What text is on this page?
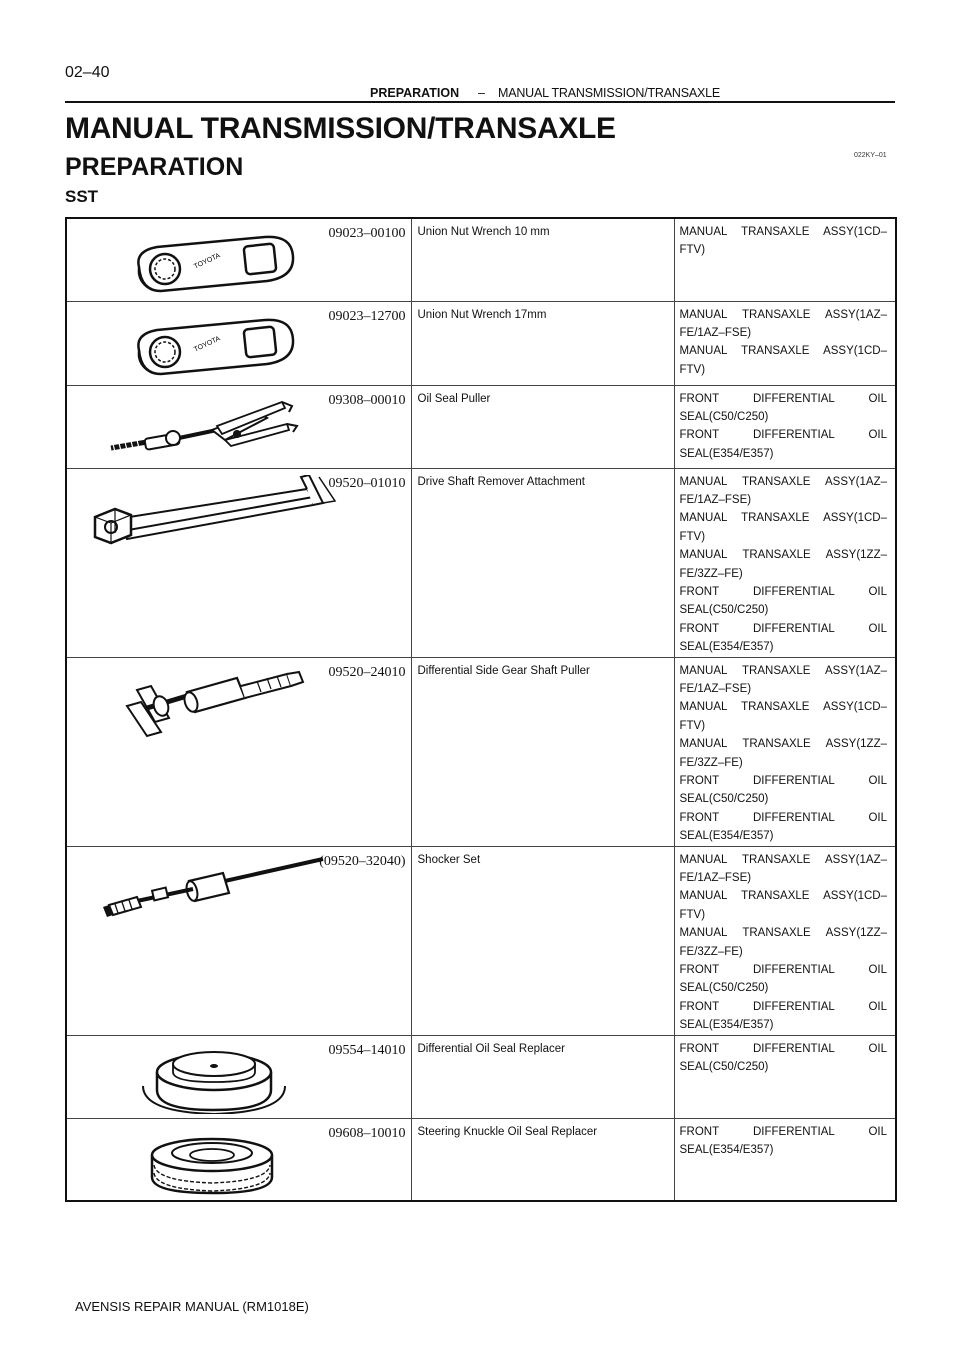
02–40
PREPARATION – MANUAL TRANSMISSION/TRANSAXLE
MANUAL TRANSMISSION/TRANSAXLE
PREPARATION	022KY–01
SST
TOYOTA
09023–00100	Union Nut Wrench 10 mm	MANUAL TRANSAXLE ASSY(1CD–FTV)

TOYOTA
09023–12700	Union Nut Wrench 17mm	MANUAL TRANSAXLE ASSY(1AZ–FE/1AZ–FSE)
MANUAL TRANSAXLE ASSY(1CD–FTV)

09308–00010	Oil Seal Puller	FRONT DIFFERENTIAL OIL SEAL(C50/C250)
FRONT DIFFERENTIAL OIL SEAL(E354/E357)

09520–01010	Drive Shaft Remover Attachment	MANUAL TRANSAXLE ASSY(1AZ–FE/1AZ–FSE)
MANUAL TRANSAXLE ASSY(1CD–FTV)
MANUAL TRANSAXLE ASSY(1ZZ–FE/3ZZ–FE)
FRONT DIFFERENTIAL OIL SEAL(C50/C250)
FRONT DIFFERENTIAL OIL SEAL(E354/E357)

09520–24010	Differential Side Gear Shaft Puller	MANUAL TRANSAXLE ASSY(1AZ–FE/1AZ–FSE)
MANUAL TRANSAXLE ASSY(1CD–FTV)
MANUAL TRANSAXLE ASSY(1ZZ–FE/3ZZ–FE)
FRONT DIFFERENTIAL OIL SEAL(C50/C250)
FRONT DIFFERENTIAL OIL SEAL(E354/E357)

(09520–32040)	Shocker Set	MANUAL TRANSAXLE ASSY(1AZ–FE/1AZ–FSE)
MANUAL TRANSAXLE ASSY(1CD–FTV)
MANUAL TRANSAXLE ASSY(1ZZ–FE/3ZZ–FE)
FRONT DIFFERENTIAL OIL SEAL(C50/C250)
FRONT DIFFERENTIAL OIL SEAL(E354/E357)

09554–14010	Differential Oil Seal Replacer	FRONT DIFFERENTIAL OIL SEAL(C50/C250)

09608–10010	Steering Knuckle Oil Seal Replacer	FRONT DIFFERENTIAL OIL SEAL(E354/E357)
AVENSIS REPAIR MANUAL (RM1018E)
